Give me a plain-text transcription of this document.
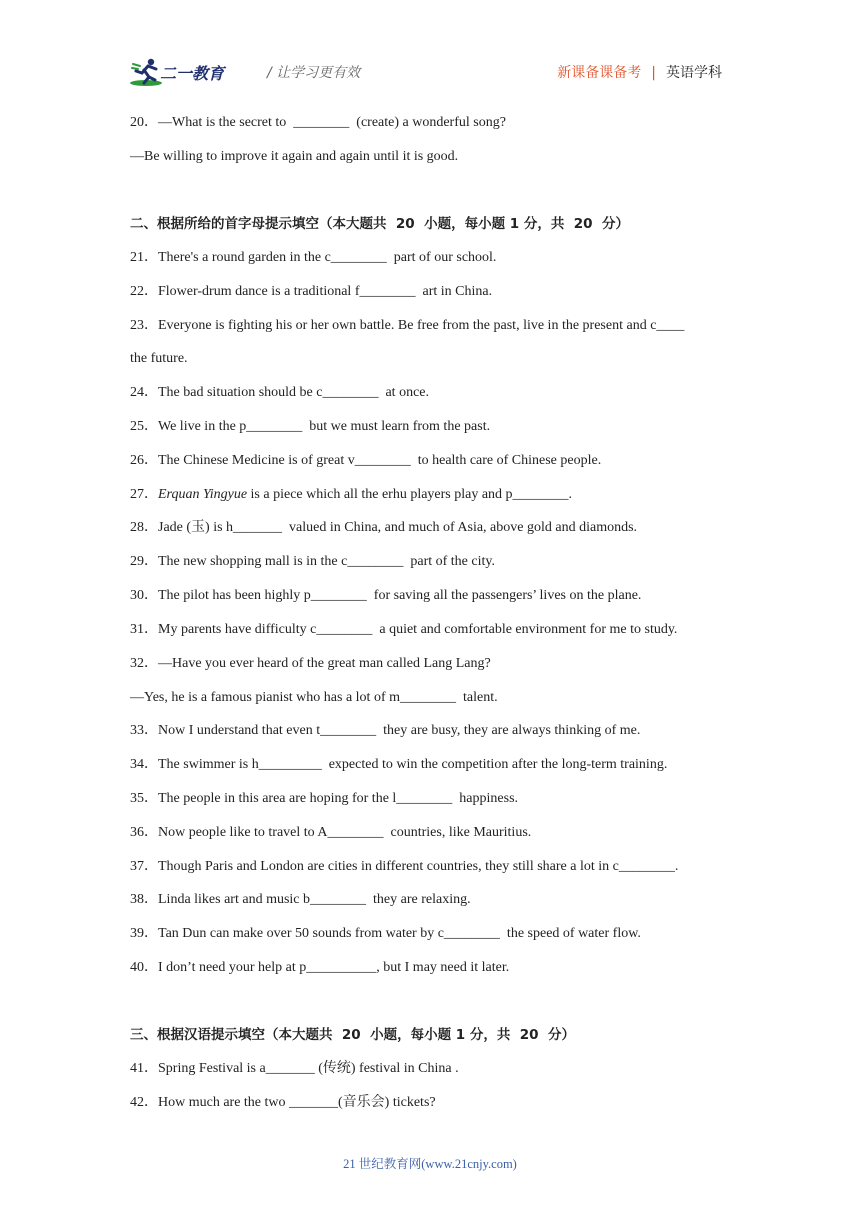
二一教育	/ 让学习更有效	新课备课备考 | 英语学科
20．—What is the secret to  ________  (create) a wonderful song?
—Be willing to improve it again and again until it is good.
二、根据所给的首字母提示填空（本大题共  20  小题，每小题 1 分，共  20  分）
21．There's a round garden in the c________  part of our school.
22．Flower-drum dance is a traditional f________  art in China.
23．Everyone is fighting his or her own battle. Be free from the past, live in the present and c____
the future.
24．The bad situation should be c________  at once.
25．We live in the p________  but we must learn from the past.
26．The Chinese Medicine is of great v________  to health care of Chinese people.
27．Erquan Yingyue is a piece which all the erhu players play and p________.
28．Jade (玉) is h_______  valued in China, and much of Asia, above gold and diamonds.
29．The new shopping mall is in the c________  part of the city.
30．The pilot has been highly p________  for saving all the passengers’ lives on the plane.
31．My parents have difficulty c________  a quiet and comfortable environment for me to study.
32．—Have you ever heard of the great man called Lang Lang?
—Yes, he is a famous pianist who has a lot of m________  talent.
33．Now I understand that even t________  they are busy, they are always thinking of me.
34．The swimmer is h_________  expected to win the competition after the long-term training.
35．The people in this area are hoping for the l________  happiness.
36．Now people like to travel to A________  countries, like Mauritius.
37．Though Paris and London are cities in different countries, they still share a lot in c________.
38．Linda likes art and music b________  they are relaxing.
39．Tan Dun can make over 50 sounds from water by c________  the speed of water flow.
40．I don’t need your help at p__________, but I may need it later.
三、根据汉语提示填空（本大题共  20  小题，每小题 1 分，共  20  分）
41．Spring Festival is a_______ (传统) festival in China .
42．How much are the two _______(音乐会) tickets?
21 世纪教育网(www.21cnjy.com)
